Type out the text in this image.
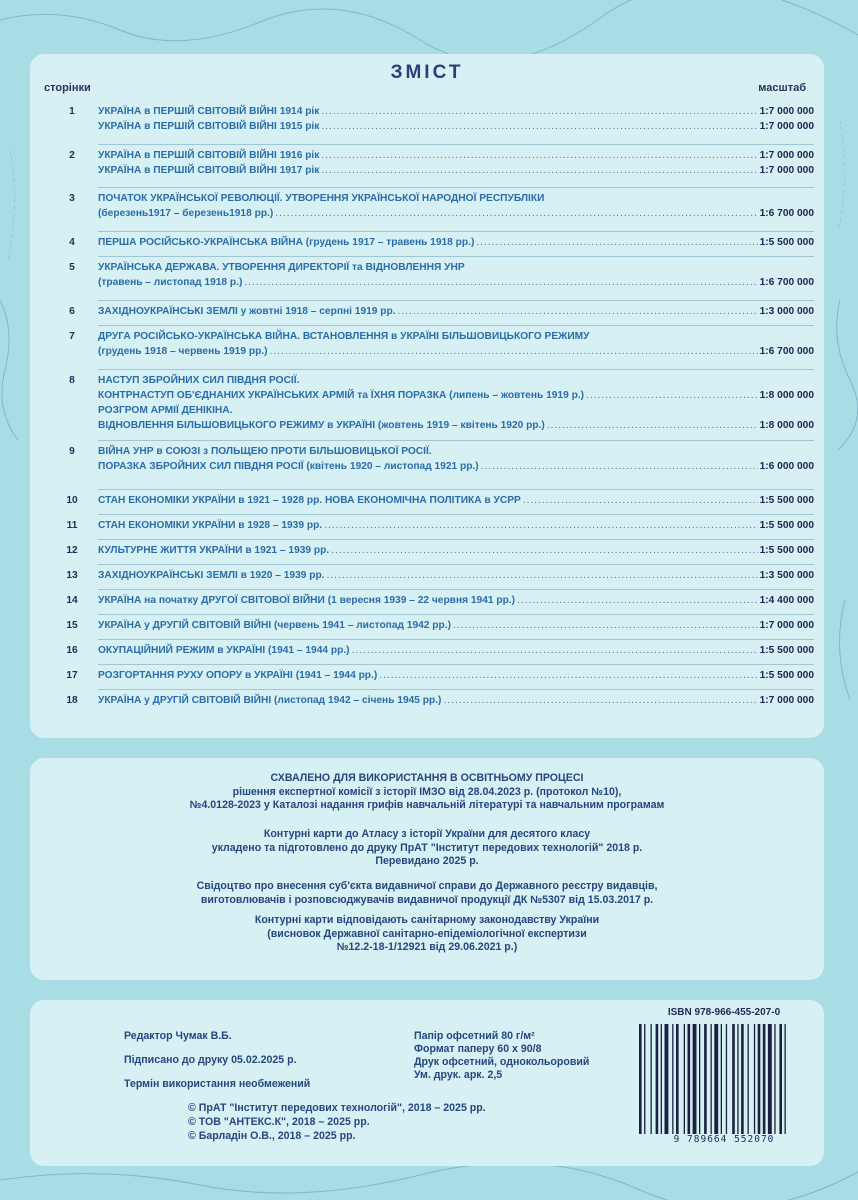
ЗМІСТ
сторінки	масштаб
1	УКРАЇНА в ПЕРШІЙ СВІТОВІЙ ВІЙНІ 1914 рік .....	1:7 000 000
УКРАЇНА в ПЕРШІЙ СВІТОВІЙ ВІЙНІ 1915 рік .....	1:7 000 000
2	УКРАЇНА в ПЕРШІЙ СВІТОВІЙ ВІЙНІ 1916 рік .....	1:7 000 000
УКРАЇНА в ПЕРШІЙ СВІТОВІЙ ВІЙНІ 1917 рік .....	1:7 000 000
3	ПОЧАТОК УКРАЇНСЬКОЇ РЕВОЛЮЦІЇ. УТВОРЕННЯ УКРАЇНСЬКОЇ НАРОДНОЇ РЕСПУБЛІКИ
(березень1917 – березень1918 рр.) .....	1:6 700 000
4	ПЕРША РОСІЙСЬКО-УКРАЇНСЬКА ВІЙНА (грудень 1917 – травень 1918 рр.) .....	1:5 500 000
5	УКРАЇНСЬКА ДЕРЖАВА. УТВОРЕННЯ ДИРЕКТОРІЇ та ВІДНОВЛЕННЯ УНР
(травень – листопад 1918 р.) .....	1:6 700 000
6	ЗАХІДНОУКРАЇНСЬКІ ЗЕМЛІ у жовтні 1918 – серпні 1919 рр. .....	1:3 000 000
7	ДРУГА РОСІЙСЬКО-УКРАЇНСЬКА ВІЙНА. ВСТАНОВЛЕННЯ в УКРАЇНІ БІЛЬШОВИЦЬКОГО РЕЖИМУ
(грудень 1918 – червень 1919 рр.) .....	1:6 700 000
8	НАСТУП ЗБРОЙНИХ СИЛ ПІВДНЯ РОСІЇ.
КОНТРНАСТУП ОБ'ЄДНАНИХ УКРАЇНСЬКИХ АРМІЙ та ЇХНЯ ПОРАЗКА (липень – жовтень 1919 р.) .....	1:8 000 000
РОЗГРОМ АРМІЇ ДЕНІКІНА.
ВІДНОВЛЕННЯ БІЛЬШОВИЦЬКОГО РЕЖИМУ в УКРАЇНІ (жовтень 1919 – квітень 1920 рр.) .....	1:8 000 000
9	ВІЙНА УНР в СОЮЗІ з ПОЛЬЩЕЮ ПРОТИ БІЛЬШОВИЦЬКОЇ РОСІЇ.
ПОРАЗКА ЗБРОЙНИХ СИЛ ПІВДНЯ РОСІЇ (квітень 1920 – листопад 1921 рр.) .....	1:6 000 000
10 СТАН ЕКОНОМІКИ УКРАЇНИ в 1921 – 1928 рр. НОВА ЕКОНОМІЧНА ПОЛІТИКА в УСРР .....	1:5 500 000
11 СТАН ЕКОНОМІКИ УКРАЇНИ в 1928 – 1939 рр. .....	1:5 500 000
12 КУЛЬТУРНЕ ЖИТТЯ УКРАЇНИ в 1921 – 1939 рр. .....	1:5 500 000
13 ЗАХІДНОУКРАЇНСЬКІ ЗЕМЛІ в 1920 – 1939 рр. .....	1:3 500 000
14 УКРАЇНА на початку ДРУГОЇ СВІТОВОЇ ВІЙНИ (1 вересня 1939 – 22 червня 1941 рр.) .....	1:4 400 000
15 УКРАЇНА у ДРУГІЙ СВІТОВІЙ ВІЙНІ (червень 1941 – листопад 1942 рр.) .....	1:7 000 000
16 ОКУПАЦІЙНИЙ РЕЖИМ в УКРАЇНІ (1941 – 1944 рр.) .....	1:5 500 000
17 РОЗГОРТАННЯ РУХУ ОПОРУ в УКРАЇНІ (1941 – 1944 рр.) .....	1:5 500 000
18 УКРАЇНА у ДРУГІЙ СВІТОВІЙ ВІЙНІ (листопад 1942 – січень 1945 рр.) .....	1:7 000 000
СХВАЛЕНО ДЛЯ ВИКОРИСТАННЯ В ОСВІТНЬОМУ ПРОЦЕСІ
рішення експертної комісії з історії ІМЗО від 28.04.2023 р. (протокол №10),
№4.0128-2023 у Каталозі надання грифів навчальній літературі та навчальним програмам
Контурні карти до Атласу з історії України для десятого класу
укладено та підготовлено до друку ПрАТ "Інститут передових технологій" 2018 р.
Перевидано 2025 р.
Свідоцтво про внесення суб'єкта видавничої справи до Державного реєстру видавців,
виготовлювачів і розповсюджувачів видавничої продукції ДК №5307 від 15.03.2017 р.
Контурні карти відповідають санітарному законодавству України
(висновок Державної санітарно-епідеміологічної експертизи
№12.2-18-1/12921 від 29.06.2021 р.)
Редактор Чумак В.Б.
Підписано до друку 05.02.2025 р.
Термін використання необмежений
Папір офсетний 80 г/м²
Формат паперу 60 х 90/8
Друк офсетний, однокольоровий
Ум. друк. арк. 2,5
© ПрАТ "Інститут передових технологій", 2018 – 2025 рр.
© ТОВ "АНТЕКС.К", 2018 – 2025 рр.
© Барладін О.В., 2018 – 2025 рр.
ISBN 978-966-455-207-0
9 789664 552070
